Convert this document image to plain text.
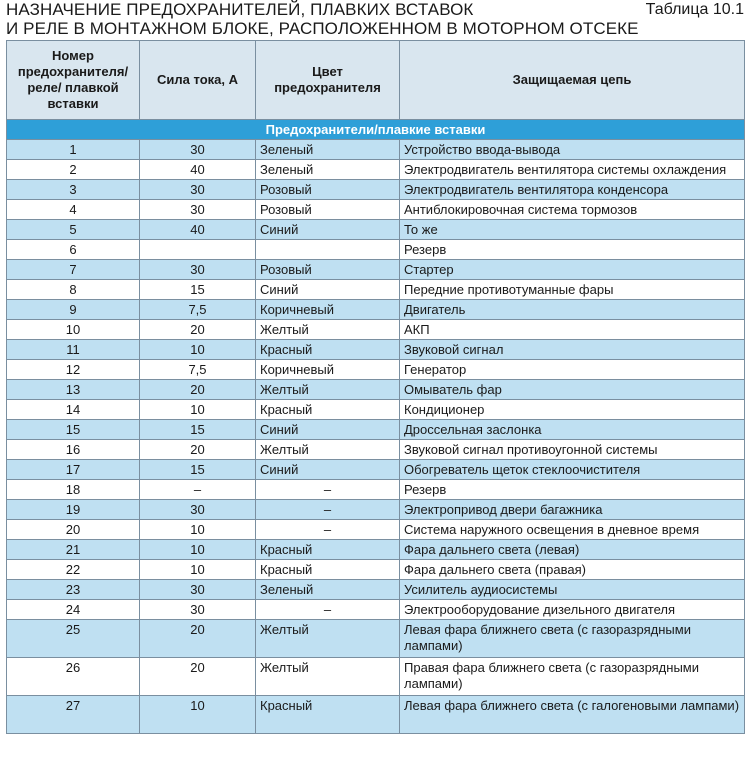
НАЗНАЧЕНИЕ ПРЕДОХРАНИТЕЛЕЙ, ПЛАВКИХ ВСТАВОК
И РЕЛЕ В МОНТАЖНОМ БЛОКЕ, РАСПОЛОЖЕННОМ В МОТОРНОМ ОТСЕКЕ
Таблица 10.1
Номер предохранителя/ реле/ плавкой вставки	Сила тока, А	Цвет предохранителя	Защищаемая цепь
Предохранители/плавкие вставки			
1	30	Зеленый	Устройство ввода-вывода
2	40	Зеленый	Электродвигатель вентилятора системы охлаждения
3	30	Розовый	Электродвигатель вентилятора конденсора
4	30	Розовый	Антиблокировочная система тормозов
5	40	Синий	То же
6			Резерв
7	30	Розовый	Стартер
8	15	Синий	Передние противотуманные фары
9	7,5	Коричневый	Двигатель
10	20	Желтый	АКП
11	10	Красный	Звуковой сигнал
12	7,5	Коричневый	Генератор
13	20	Желтый	Омыватель фар
14	10	Красный	Кондиционер
15	15	Синий	Дроссельная заслонка
16	20	Желтый	Звуковой сигнал противоугонной системы
17	15	Синий	Обогреватель щеток стеклоочистителя
18	–	–	Резерв
19	30	–	Электропривод двери багажника
20	10	–	Система наружного освещения в дневное время
21	10	Красный	Фара дальнего света (левая)
22	10	Красный	Фара дальнего света (правая)
23	30	Зеленый	Усилитель аудиосистемы
24	30	–	Электрооборудование дизельного двигателя
25	20	Желтый	Левая фара ближнего света (с газоразрядными лампами)
26	20	Желтый	Правая фара ближнего света (с газоразрядными лампами)
27	10	Красный	Левая фара ближнего света (с галогеновыми лампами)
